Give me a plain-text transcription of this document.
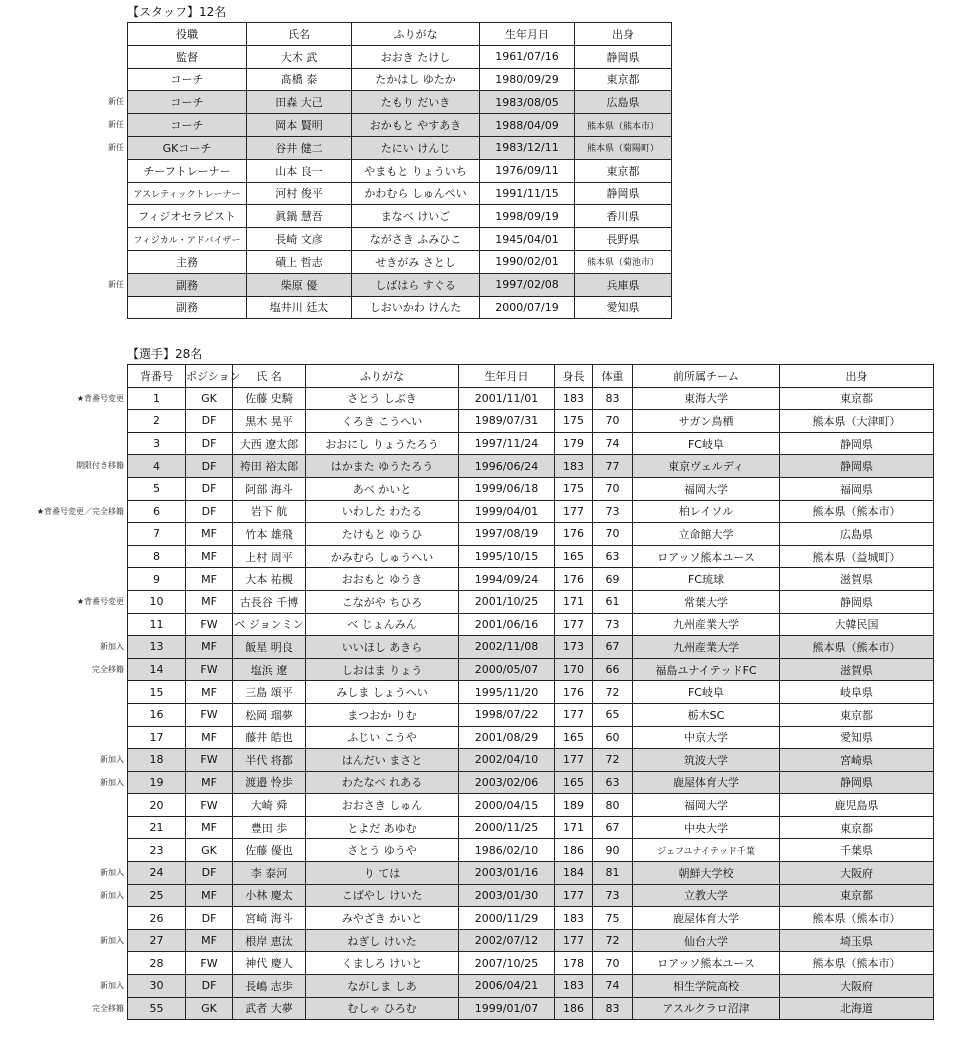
【スタッフ】12名
役職	氏名	ふりがな	生年月日	出身
監督	大木 武	おおき たけし	1961/07/16	静岡県
コーチ	髙橋 泰	たかはし ゆたか	1980/09/29	東京都
コーチ	田森 大己	たもり だいき	1983/08/05	広島県
コーチ	岡本 賢明	おかもと やすあき	1988/04/09	熊本県（熊本市）
GKコーチ	谷井 健二	たにい けんじ	1983/12/11	熊本県（菊陽町）
チーフトレーナー	山本 良一	やまもと りょういち	1976/09/11	東京都
アスレティックトレーナー	河村 俊平	かわむら しゅんぺい	1991/11/15	静岡県
フィジオセラピスト	眞鍋 慧吾	まなべ けいご	1998/09/19	香川県
フィジカル・アドバイザー	長崎 文彦	ながさき ふみひこ	1945/04/01	長野県
主務	磧上 哲志	せきがみ さとし	1990/02/01	熊本県（菊池市）
副務	柴原 優	しばはら すぐる	1997/02/08	兵庫県
副務	塩井川 廷太	しおいかわ けんた	2000/07/19	愛知県
新任
新任
新任
新任
【選手】28名
背番号	ポジション	氏 名	ふりがな	生年月日	身長	体重	前所属チーム	出身
1	GK	佐藤 史騎	さとう しぶき	2001/11/01	183	83	東海大学	東京都
2	DF	黒木 晃平	くろき こうへい	1989/07/31	175	70	サガン鳥栖	熊本県（大津町）
3	DF	大西 遼太郎	おおにし りょうたろう	1997/11/24	179	74	FC岐阜	静岡県
4	DF	袴田 裕太郎	はかまた ゆうたろう	1996/06/24	183	77	東京ヴェルディ	静岡県
5	DF	阿部 海斗	あべ かいと	1999/06/18	175	70	福岡大学	福岡県
6	DF	岩下 航	いわした わたる	1999/04/01	177	73	柏レイソル	熊本県（熊本市）
7	MF	竹本 雄飛	たけもと ゆうひ	1997/08/19	176	70	立命館大学	広島県
8	MF	上村 周平	かみむら しゅうへい	1995/10/15	165	63	ロアッソ熊本ユース	熊本県（益城町）
9	MF	大本 祐槻	おおもと ゆうき	1994/09/24	176	69	FC琉球	滋賀県
10	MF	古長谷 千博	こながや ちひろ	2001/10/25	171	61	常葉大学	静岡県
11	FW	ベ ジョンミン	べ じょんみん	2001/06/16	177	73	九州産業大学	大韓民国
13	MF	飯星 明良	いいほし あきら	2002/11/08	173	67	九州産業大学	熊本県（熊本市）
14	FW	塩浜 遼	しおはま りょう	2000/05/07	170	66	福島ユナイテッドFC	滋賀県
15	MF	三島 頌平	みしま しょうへい	1995/11/20	176	72	FC岐阜	岐阜県
16	FW	松岡 瑠夢	まつおか りむ	1998/07/22	177	65	栃木SC	東京都
17	MF	藤井 皓也	ふじい こうや	2001/08/29	165	60	中京大学	愛知県
18	FW	半代 将都	はんだい まさと	2002/04/10	177	72	筑波大学	宮崎県
19	MF	渡邉 怜歩	わたなべ れある	2003/02/06	165	63	鹿屋体育大学	静岡県
20	FW	大崎 舜	おおさき しゅん	2000/04/15	189	80	福岡大学	鹿児島県
21	MF	豊田 歩	とよだ あゆむ	2000/11/25	171	67	中央大学	東京都
23	GK	佐藤 優也	さとう ゆうや	1986/02/10	186	90	ジェフユナイテッド千葉	千葉県
24	DF	李 泰河	り ては	2003/01/16	184	81	朝鮮大学校	大阪府
25	MF	小林 慶太	こばやし けいた	2003/01/30	177	73	立教大学	東京都
26	DF	宮崎 海斗	みやざき かいと	2000/11/29	183	75	鹿屋体育大学	熊本県（熊本市）
27	MF	根岸 恵汰	ねぎし けいた	2002/07/12	177	72	仙台大学	埼玉県
28	FW	神代 慶人	くましろ けいと	2007/10/25	178	70	ロアッソ熊本ユース	熊本県（熊本市）
30	DF	長嶋 志歩	ながしま しあ	2006/04/21	183	74	相生学院高校	大阪府
55	GK	武者 大夢	むしゃ ひろむ	1999/01/07	186	83	アスルクラロ沼津	北海道
★背番号変更
期限付き移籍
★背番号変更／完全移籍
★背番号変更
新加入
完全移籍
新加入
新加入
新加入
新加入
新加入
新加入
完全移籍
